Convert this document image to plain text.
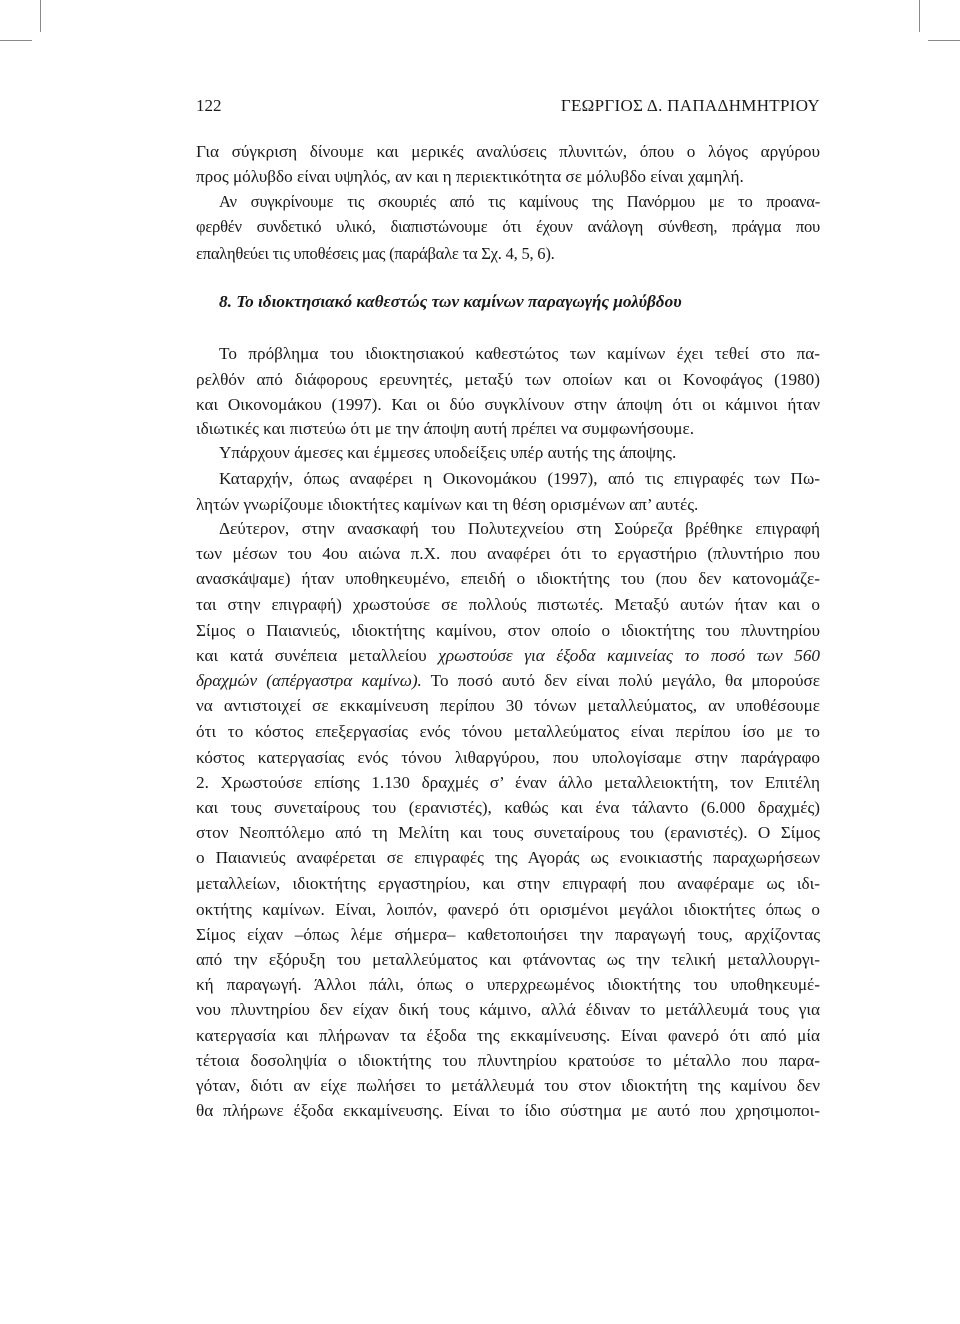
122	ΓΕΩΡΓΙΟΣ Δ. ΠΑΠΑΔΗΜΗΤΡΙΟΥ
Για σύγκριση δίνουμε και μερικές αναλύσεις πλυνιτών, όπου ο λόγος αργύρου
προς μόλυβδο είναι υψηλός, αν και η περιεκτικότητα σε μόλυβδο είναι χαμηλή.
Αν συγκρίνουμε τις σκουριές από τις καμίνους της Πανόρμου με το προανα-
φερθέν συνδετικό υλικό, διαπιστώνουμε ότι έχουν ανάλογη σύνθεση, πράγμα που
επαληθεύει τις υποθέσεις μας (παράβαλε τα Σχ. 4, 5, 6).
8. Το ιδιοκτησιακό καθεστώς των καμίνων παραγωγής μολύβδου
Το πρόβλημα του ιδιοκτησιακού καθεστώτος των καμίνων έχει τεθεί στο πα-
ρελθόν από διάφορους ερευνητές, μεταξύ των οποίων και οι Κονοφάγος (1980)
και Οικονομάκου (1997). Και οι δύο συγκλίνουν στην άποψη ότι οι κάμινοι ήταν
ιδιωτικές και πιστεύω ότι με την άποψη αυτή πρέπει να συμφωνήσουμε.
Υπάρχουν άμεσες και έμμεσες υποδείξεις υπέρ αυτής της άποψης.
Καταρχήν, όπως αναφέρει η Οικονομάκου (1997), από τις επιγραφές των Πω-
λητών γνωρίζουμε ιδιοκτήτες καμίνων και τη θέση ορισμένων απ’ αυτές.
Δεύτερον, στην ανασκαφή του Πολυτεχνείου στη Σούρεζα βρέθηκε επιγραφή
των μέσων του 4ου αιώνα π.Χ. που αναφέρει ότι το εργαστήριο (πλυντήριο που
ανασκάψαμε) ήταν υποθηκευμένο, επειδή ο ιδιοκτήτης του (που δεν κατονομάζε-
ται στην επιγραφή) χρωστούσε σε πολλούς πιστωτές. Μεταξύ αυτών ήταν και ο
Σίμος ο Παιανιεύς, ιδιοκτήτης καμίνου, στον οποίο ο ιδιοκτήτης του πλυντηρίου
και κατά συνέπεια μεταλλείου χρωστούσε για έξοδα καμινείας το ποσό των 560
δραχμών (απέργαστρα καμίνω). Το ποσό αυτό δεν είναι πολύ μεγάλο, θα μπορούσε
να αντιστοιχεί σε εκκαμίνευση περίπου 30 τόνων μεταλλεύματος, αν υποθέσουμε
ότι το κόστος επεξεργασίας ενός τόνου μεταλλεύματος είναι περίπου ίσο με το
κόστος κατεργασίας ενός τόνου λιθαργύρου, που υπολογίσαμε στην παράγραφο
2. Χρωστούσε επίσης 1.130 δραχμές σ’ έναν άλλο μεταλλειοκτήτη, τον Επιτέλη
και τους συνεταίρους του (ερανιστές), καθώς και ένα τάλαντο (6.000 δραχμές)
στον Νεοπτόλεμο από τη Μελίτη και τους συνεταίρους του (ερανιστές). Ο Σίμος
ο Παιανιεύς αναφέρεται σε επιγραφές της Αγοράς ως ενοικιαστής παραχωρήσεων
μεταλλείων, ιδιοκτήτης εργαστηρίου, και στην επιγραφή που αναφέραμε ως ιδι-
οκτήτης καμίνων. Είναι, λοιπόν, φανερό ότι ορισμένοι μεγάλοι ιδιοκτήτες όπως ο
Σίμος είχαν –όπως λέμε σήμερα– καθετοποιήσει την παραγωγή τους, αρχίζοντας
από την εξόρυξη του μεταλλεύματος και φτάνοντας ως την τελική μεταλλουργι-
κή παραγωγή. Άλλοι πάλι, όπως ο υπερχρεωμένος ιδιοκτήτης του υποθηκευμέ-
νου πλυντηρίου δεν είχαν δική τους κάμινο, αλλά έδιναν το μετάλλευμά τους για
κατεργασία και πλήρωναν τα έξοδα της εκκαμίνευσης. Είναι φανερό ότι από μία
τέτοια δοσοληψία ο ιδιοκτήτης του πλυντηρίου κρατούσε το μέταλλο που παρα-
γόταν, διότι αν είχε πωλήσει το μετάλλευμά του στον ιδιοκτήτη της καμίνου δεν
θα πλήρωνε έξοδα εκκαμίνευσης. Είναι το ίδιο σύστημα με αυτό που χρησιμοποι-
